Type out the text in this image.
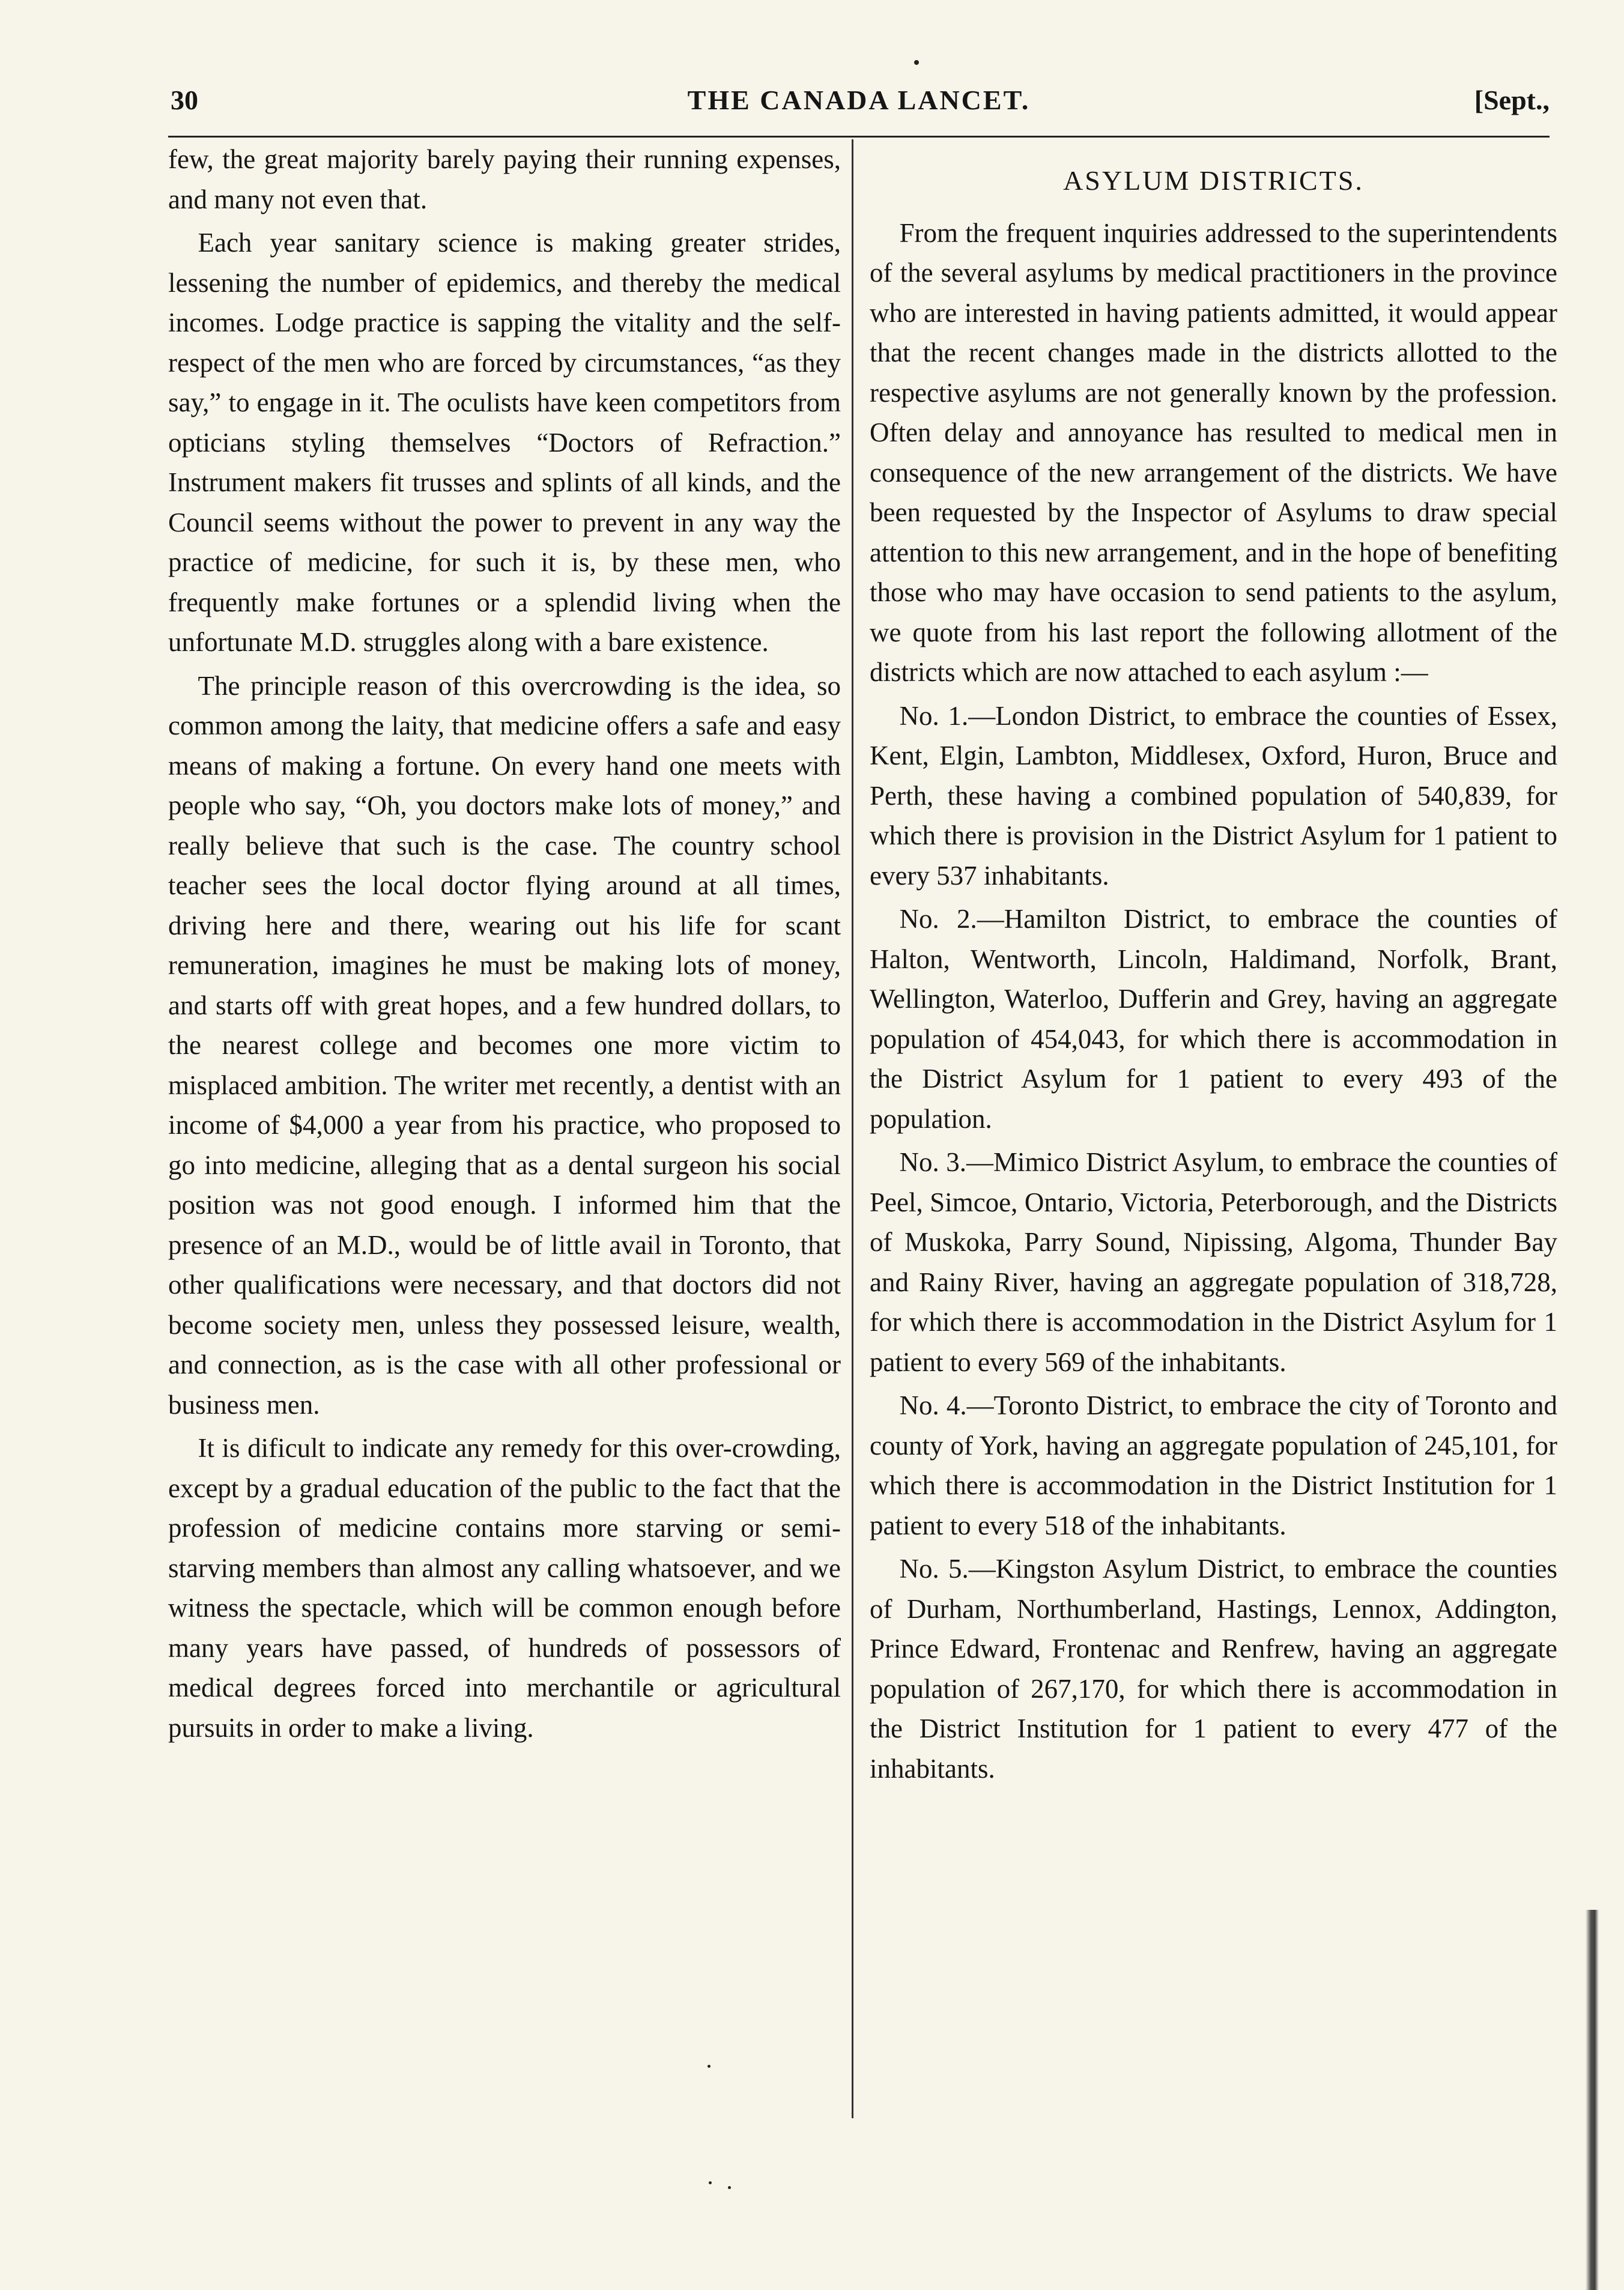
30	THE CANADA LANCET.	[Sept.,

few, the great majority barely paying their running expenses, and many not even that.

Each year sanitary science is making greater strides, lessening the number of epidemics, and thereby the medical incomes. Lodge practice is sapping the vitality and the self-respect of the men who are forced by circumstances, “as they say,” to engage in it. The oculists have keen competitors from opticians styling themselves “Doctors of Refraction.” Instrument makers fit trusses and splints of all kinds, and the Council seems without the power to prevent in any way the practice of medicine, for such it is, by these men, who frequently make fortunes or a splendid living when the unfortunate M.D. struggles along with a bare existence.

The principle reason of this overcrowding is the idea, so common among the laity, that medicine offers a safe and easy means of making a fortune. On every hand one meets with people who say, “Oh, you doctors make lots of money,” and really believe that such is the case. The country school teacher sees the local doctor flying around at all times, driving here and there, wearing out his life for scant remuneration, imagines he must be making lots of money, and starts off with great hopes, and a few hundred dollars, to the nearest college and becomes one more victim to misplaced ambition. The writer met recently, a dentist with an income of $4,000 a year from his practice, who proposed to go into medicine, alleging that as a dental surgeon his social position was not good enough. I informed him that the presence of an M.D., would be of little avail in Toronto, that other qualifications were necessary, and that doctors did not become society men, unless they possessed leisure, wealth, and connection, as is the case with all other professional or business men.

It is dificult to indicate any remedy for this over-crowding, except by a gradual education of the public to the fact that the profession of medicine contains more starving or semi-starving members than almost any calling whatsoever, and we witness the spectacle, which will be common enough before many years have passed, of hundreds of possessors of medical degrees forced into merchantile or agricultural pursuits in order to make a living.

ASYLUM DISTRICTS.

From the frequent inquiries addressed to the superintendents of the several asylums by medical practitioners in the province who are interested in having patients admitted, it would appear that the recent changes made in the districts allotted to the respective asylums are not generally known by the profession. Often delay and annoyance has resulted to medical men in consequence of the new arrangement of the districts. We have been requested by the Inspector of Asylums to draw special attention to this new arrangement, and in the hope of benefiting those who may have occasion to send patients to the asylum, we quote from his last report the following allotment of the districts which are now attached to each asylum :—

No. 1.—London District, to embrace the counties of Essex, Kent, Elgin, Lambton, Middlesex, Oxford, Huron, Bruce and Perth, these having a combined population of 540,839, for which there is provision in the District Asylum for 1 patient to every 537 inhabitants.

No. 2.—Hamilton District, to embrace the counties of Halton, Wentworth, Lincoln, Haldimand, Norfolk, Brant, Wellington, Waterloo, Dufferin and Grey, having an aggregate population of 454,043, for which there is accommodation in the District Asylum for 1 patient to every 493 of the population.

No. 3.—Mimico District Asylum, to embrace the counties of Peel, Simcoe, Ontario, Victoria, Peterborough, and the Districts of Muskoka, Parry Sound, Nipissing, Algoma, Thunder Bay and Rainy River, having an aggregate population of 318,728, for which there is accommodation in the District Asylum for 1 patient to every 569 of the inhabitants.

No. 4.—Toronto District, to embrace the city of Toronto and county of York, having an aggregate population of 245,101, for which there is accommodation in the District Institution for 1 patient to every 518 of the inhabitants.

No. 5.—Kingston Asylum District, to embrace the counties of Durham, Northumberland, Hastings, Lennox, Addington, Prince Edward, Frontenac and Renfrew, having an aggregate population of 267,170, for which there is accommodation in the District Institution for 1 patient to every 477 of the inhabitants.
